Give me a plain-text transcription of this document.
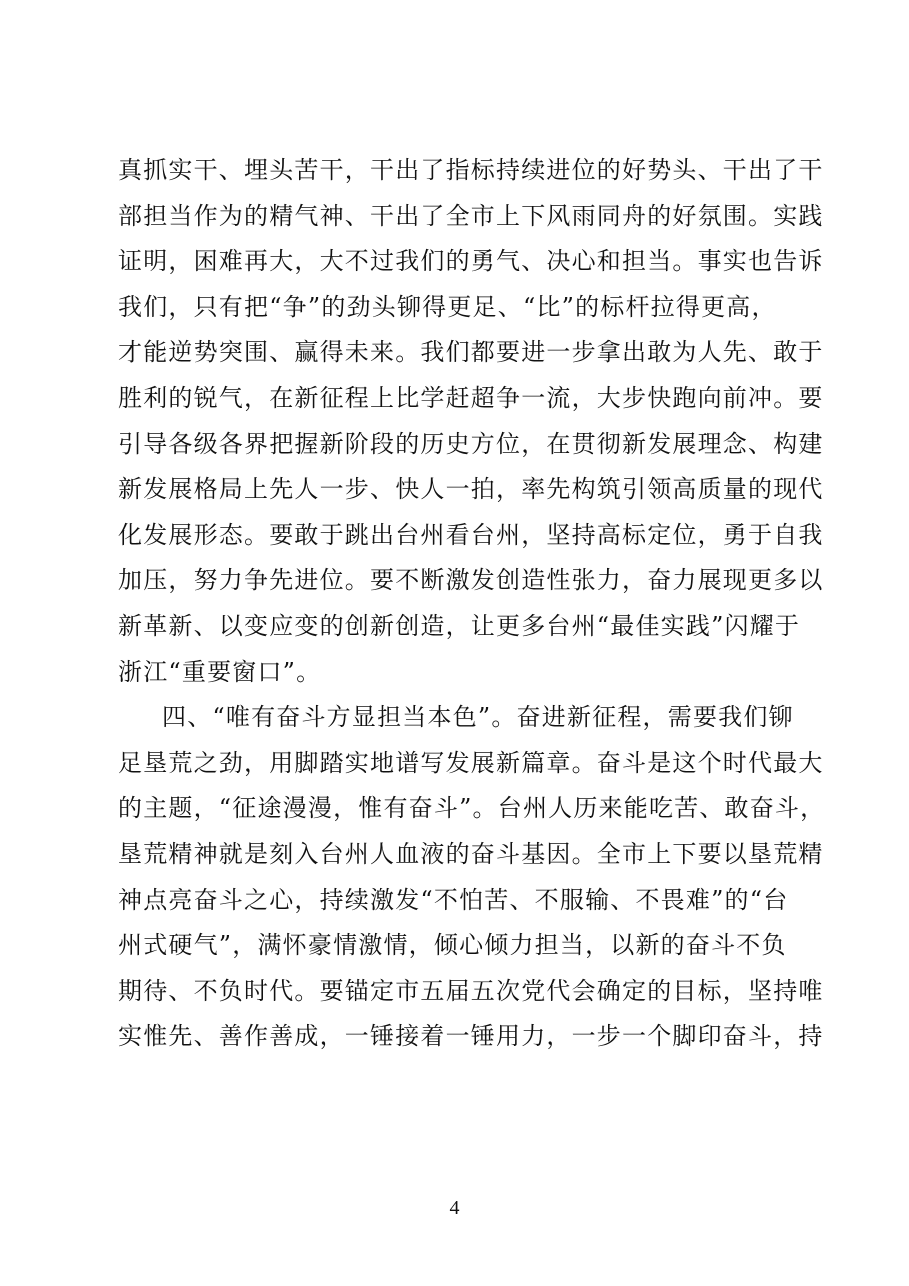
真抓实干、埋头苦干，干出了指标持续进位的好势头、干出了干
部担当作为的精气神、干出了全市上下风雨同舟的好氛围。实践
证明，困难再大，大不过我们的勇气、决心和担当。事实也告诉
我们，只有把“争”的劲头铆得更足、“比”的标杆拉得更高，
才能逆势突围、赢得未来。我们都要进一步拿出敢为人先、敢于
胜利的锐气，在新征程上比学赶超争一流，大步快跑向前冲。要
引导各级各界把握新阶段的历史方位，在贯彻新发展理念、构建
新发展格局上先人一步、快人一拍，率先构筑引领高质量的现代
化发展形态。要敢于跳出台州看台州，坚持高标定位，勇于自我
加压，努力争先进位。要不断激发创造性张力，奋力展现更多以
新革新、以变应变的创新创造，让更多台州“最佳实践”闪耀于
浙江“重要窗口”。
四、“唯有奋斗方显担当本色”。奋进新征程，需要我们铆
足垦荒之劲，用脚踏实地谱写发展新篇章。奋斗是这个时代最大
的主题，“征途漫漫，惟有奋斗”。台州人历来能吃苦、敢奋斗，
垦荒精神就是刻入台州人血液的奋斗基因。全市上下要以垦荒精
神点亮奋斗之心，持续激发“不怕苦、不服输、不畏难”的“台
州式硬气”，满怀豪情激情，倾心倾力担当，以新的奋斗不负
期待、不负时代。要锚定市五届五次党代会确定的目标，坚持唯
实惟先、善作善成，一锤接着一锤用力，一步一个脚印奋斗，持
4
